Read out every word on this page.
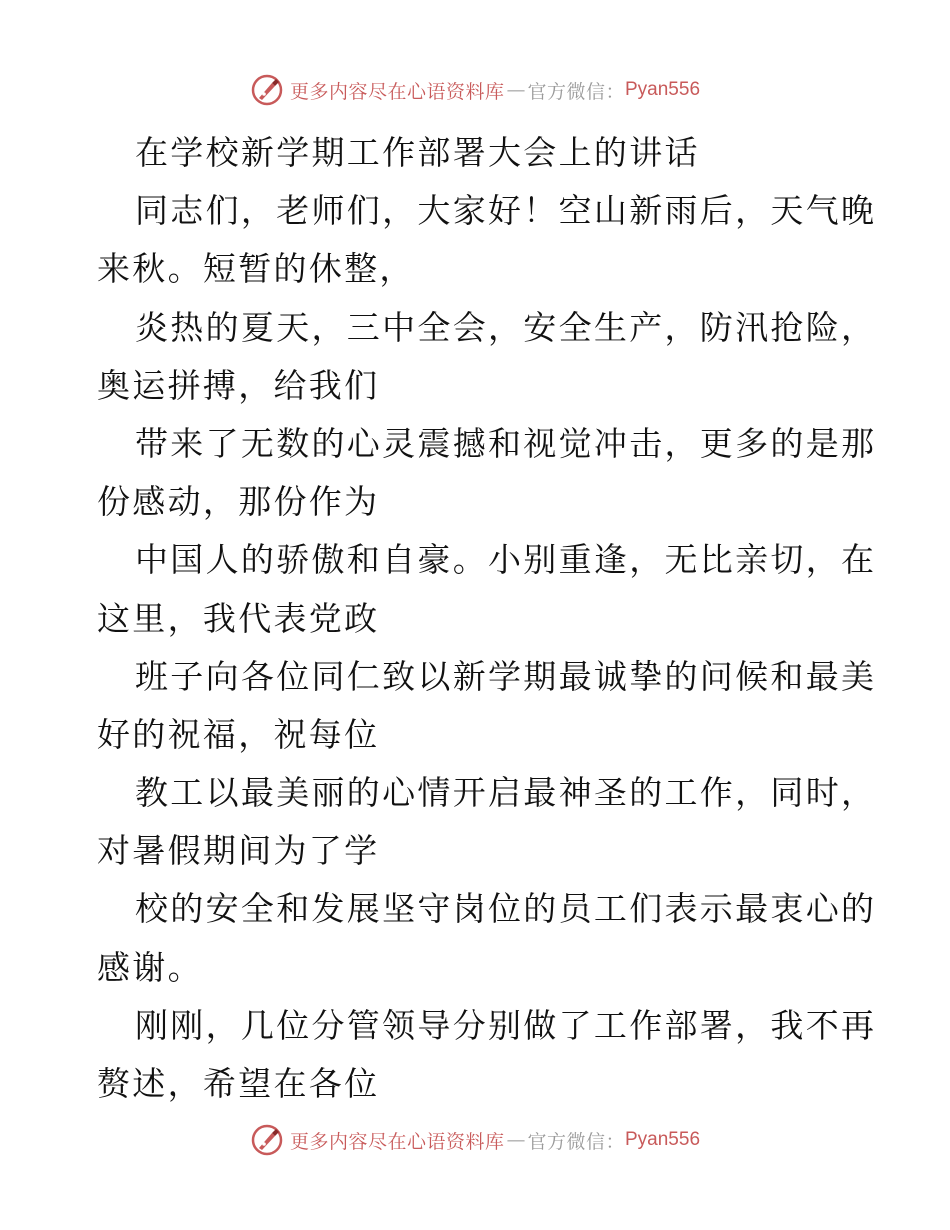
更多内容尽在心语资料库 — 官方微信： Pyan556
在学校新学期工作部署大会上的讲话
同志们，老师们，大家好！空山新雨后，天气晚
来秋。短暂的休整，
炎热的夏天，三中全会，安全生产，防汛抢险，
奥运拼搏，给我们
带来了无数的心灵震撼和视觉冲击，更多的是那
份感动，那份作为
中国人的骄傲和自豪。小别重逢，无比亲切，在
这里，我代表党政
班子向各位同仁致以新学期最诚挚的问候和最美
好的祝福，祝每位
教工以最美丽的心情开启最神圣的工作，同时，
对暑假期间为了学
校的安全和发展坚守岗位的员工们表示最衷心的
感谢。
刚刚，几位分管领导分别做了工作部署，我不再
赘述，希望在各位
更多内容尽在心语资料库 — 官方微信： Pyan556
